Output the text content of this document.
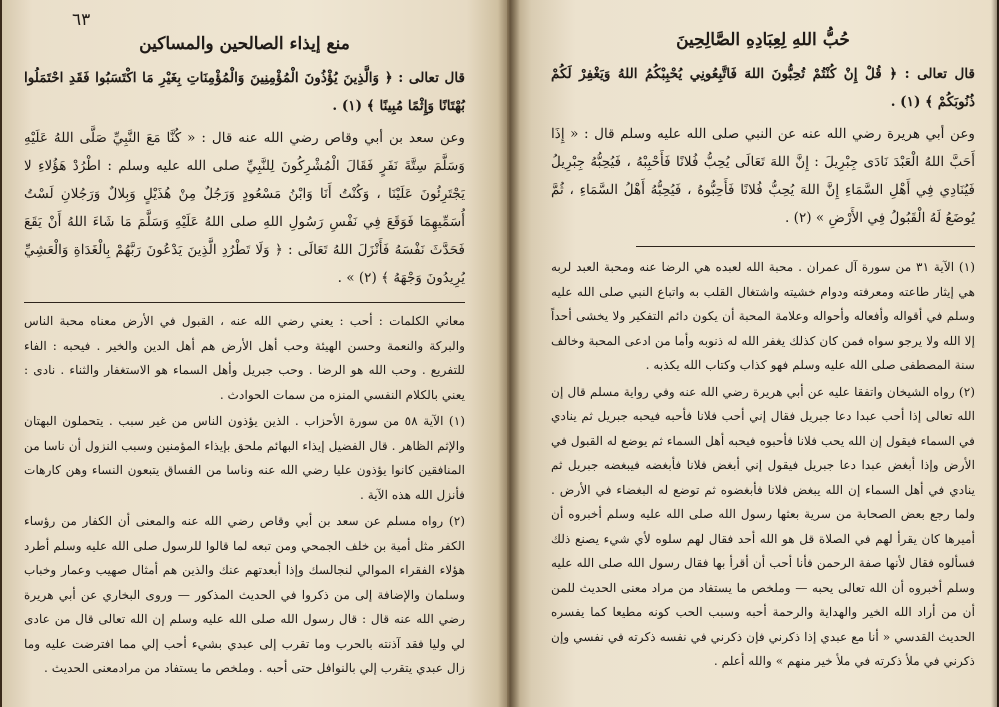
٦٣
منع إيذاء الصالحين والمساكين

قال تعالى : ﴿ وَالَّذِينَ يُؤْذُونَ الْمُؤْمِنِينَ وَالْمُؤْمِنَاتِ بِغَيْرِ مَا اكْتَسَبُوا فَقَدِ احْتَمَلُوا بُهْتَانًا وَإِثْمًا مُبِينًا ﴾ (١) .

وعن سعد بن أبي وقاص رضي الله عنه قال : « كُنَّا مَعَ النَّبِيِّ صَلَّى اللهُ عَلَيْهِ وَسَلَّمَ سِتَّةَ نَفَرٍ فَقَالَ الْمُشْرِكُونَ لِلنَّبِيِّ صلى الله عليه وسلم : اطْرُدْ هَؤُلاءِ لا يَجْتَرِئُونَ عَلَيْنَا ، وَكُنْتُ أَنَا وَابْنُ مَسْعُودٍ وَرَجُلٌ مِنْ هُذَيْلٍ وَبِلالٌ وَرَجُلانِ لَسْتُ أُسَمِّيهِمَا فَوَقَعَ فِي نَفْسِ رَسُولِ اللهِ صلى اللهُ عَلَيْهِ وَسَلَّمَ مَا شَاءَ اللهُ أَنْ يَقَعَ فَحَدَّثَ نَفْسَهُ فَأَنْزَلَ اللهُ تَعَالَى : ﴿ وَلَا تَطْرُدِ الَّذِينَ يَدْعُونَ رَبَّهُمْ بِالْغَدَاةِ وَالْعَشِيِّ يُرِيدُونَ وَجْهَهُ ﴾ (٢) » .

معاني الكلمات : أحب : يعني رضي الله عنه ، القبول في الأرض معناه محبة الناس والبركة والنعمة وحسن الهيئة وحب أهل الأرض هم أهل الدين والخير . فيحبه : الفاء للتفريع . وحب الله هو الرضا . وحب جبريل وأهل السماء هو الاستغفار والثناء . نادى : يعني بالكلام النفسي المنزه من سمات الحوادث .

(١) الآية ٥٨ من سورة الأحزاب . الذين يؤذون الناس من غير سبب . يتحملون البهتان والإثم الظاهر . قال الفضيل إيذاء البهائم ملحق بإيذاء المؤمنين وسبب النزول أن ناسا من المنافقين كانوا يؤذون عليا رضي الله عنه وناسا من الفساق يتبعون النساء وهن كارهات فأنزل الله هذه الآية .

(٢) رواه مسلم عن سعد بن أبي وقاص رضي الله عنه والمعنى أن الكفار من رؤساء الكفر مثل أمية بن خلف الجمحي ومن تبعه لما قالوا للرسول صلى الله عليه وسلم أطرد هؤلاء الفقراء الموالي لنجالسك وإذا أبعدتهم عنك والذين هم أمثال صهيب وعمار وخباب وسلمان والإضافة إلى من ذكروا في الحديث المذكور — وروى البخاري عن أبي هريرة رضي الله عنه قال : قال رسول الله صلى الله عليه وسلم إن الله تعالى قال من عادى لي وليا فقد آذنته بالحرب وما تقرب إلى عبدي بشيء أحب إلي مما افترضت عليه وما زال عبدي يتقرب إلي بالنوافل حتى أحبه . وملخص ما يستفاد من مرادمعنى الحديث .

حُبُّ اللهِ لِعِبَادِهِ الصَّالِحِينَ

قال تعالى : ﴿ قُلْ إِنْ كُنْتُمْ تُحِبُّونَ اللهَ فَاتَّبِعُونِي يُحْبِبْكُمُ اللهُ وَيَغْفِرْ لَكُمْ ذُنُوبَكُمْ ﴾ (١) .

وعن أبي هريرة رضي الله عنه عن النبي صلى الله عليه وسلم قال : « إِذَا أَحَبَّ اللهُ الْعَبْدَ نَادَى جِبْرِيلَ : إِنَّ اللهَ تَعَالَى يُحِبُّ فُلانًا فَأَحْبِبْهُ ، فَيُحِبُّهُ جِبْرِيلُ فَيُنَادِي فِي أَهْلِ السَّمَاءِ إِنَّ اللهَ يُحِبُّ فُلانًا فَأَحِبُّوهُ ، فَيُحِبُّهُ أَهْلُ السَّمَاءِ ، ثُمَّ يُوضَعُ لَهُ الْقَبُولُ فِي الأَرْضِ » (٢) .

(١) الآية ٣١ من سورة آل عمران . محبة الله لعبده هي الرضا عنه ومحبة العبد لربه هي إيثار طاعته ومعرفته ودوام خشيته واشتغال القلب به واتباع النبي صلى الله عليه وسلم في أقواله وأفعاله وأحواله وعلامة المحبة أن يكون دائم التفكير ولا يخشى أحداً إلا الله ولا يرجو سواه فمن كان كذلك يغفر الله له ذنوبه وأما من ادعى المحبة وخالف سنة المصطفى صلى الله عليه وسلم فهو كذاب وكتاب الله يكذبه .

(٢) رواه الشيخان واتفقا عليه عن أبي هريرة رضي الله عنه وفي رواية مسلم قال إن الله تعالى إذا أحب عبدا دعا جبريل فقال إني أحب فلانا فأحبه فيحبه جبريل ثم ينادي في السماء فيقول إن الله يحب فلانا فأحبوه فيحبه أهل السماء ثم يوضع له القبول في الأرض وإذا أبغض عبدا دعا جبريل فيقول إني أبغض فلانا فأبغضه فيبغضه جبريل ثم ينادي في أهل السماء إن الله يبغض فلانا فأبغضوه ثم توضع له البغضاء في الأرض . ولما رجع بعض الصحابة من سرية بعثها رسول الله صلى الله عليه وسلم أخبروه أن أميرها كان يقرأ لهم في الصلاة قل هو الله أحد فقال لهم سلوه لأي شيء يصنع ذلك فسألوه فقال لأنها صفة الرحمن فأنا أحب أن أقرأ بها فقال رسول الله صلى الله عليه وسلم أخبروه أن الله تعالى يحبه — وملخص ما يستفاد من مراد معنى الحديث للمن أن من أراد الله الخير والهداية والرحمة أحبه وسبب الحب كونه مطيعا كما يفسره الحديث القدسي « أنا مع عبدي إذا ذكرني فإن ذكرني في نفسه ذكرته في نفسي وإن ذكرني في ملأ ذكرته في ملأ خير منهم » والله أعلم .
